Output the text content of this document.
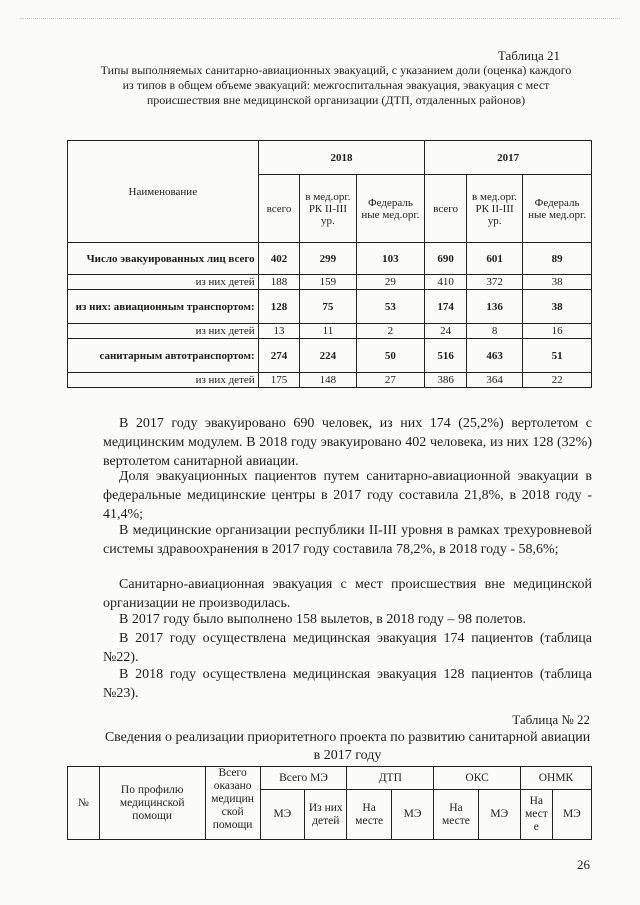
Таблица 21
Типы выполняемых санитарно-авиационных эвакуаций, с указанием доли (оценка) каждого из типов в общем объеме эвакуаций: межгоспитальная эвакуация, эвакуация с мест происшествия вне медицинской организации (ДТП, отдаленных районов)
Наименование	2018			2017		
	всего	в мед.орг. РК II-III ур.	Федераль ные мед.орг.	всего	в мед.орг. РК II-III ур.	Федераль ные мед.орг.
Число эвакуированных лиц всего	402	299	103	690	601	89
из них детей	188	159	29	410	372	38
из них: авиационным транспортом:	128	75	53	174	136	38
из них детей	13	11	2	24	8	16
санитарным автотранспортом:	274	224	50	516	463	51
из них детей	175	148	27	386	364	22
В 2017 году эвакуировано 690 человек, из них 174 (25,2%) вертолетом с медицинским модулем. В 2018 году эвакуировано 402 человека, из них 128 (32%) вертолетом санитарной авиации.
Доля эвакуационных пациентов путем санитарно-авиационной эвакуации в федеральные медицинские центры в 2017 году составила 21,8%, в 2018 году - 41,4%;
В медицинские организации республики II-III уровня в рамках трехуровневой системы здравоохранения в 2017 году составила 78,2%, в 2018 году - 58,6%;
Санитарно-авиационная эвакуация с мест происшествия вне медицинской организации не производилась.
В 2017 году было выполнено 158 вылетов, в 2018 году – 98 полетов.
В 2017 году осуществлена медицинская эвакуация 174 пациентов (таблица №22).
В 2018 году осуществлена медицинская эвакуация 128 пациентов (таблица №23).
Таблица № 22
Сведения о реализации приоритетного проекта по развитию санитарной авиации в 2017 году
№	По профилю медицинской помощи	Всего оказано медицин ской помощи	Всего МЭ		ДТП		ОКС		ОНМК	
			МЭ	Из них детей	На месте	МЭ	На месте	МЭ	На мест е	МЭ
26
